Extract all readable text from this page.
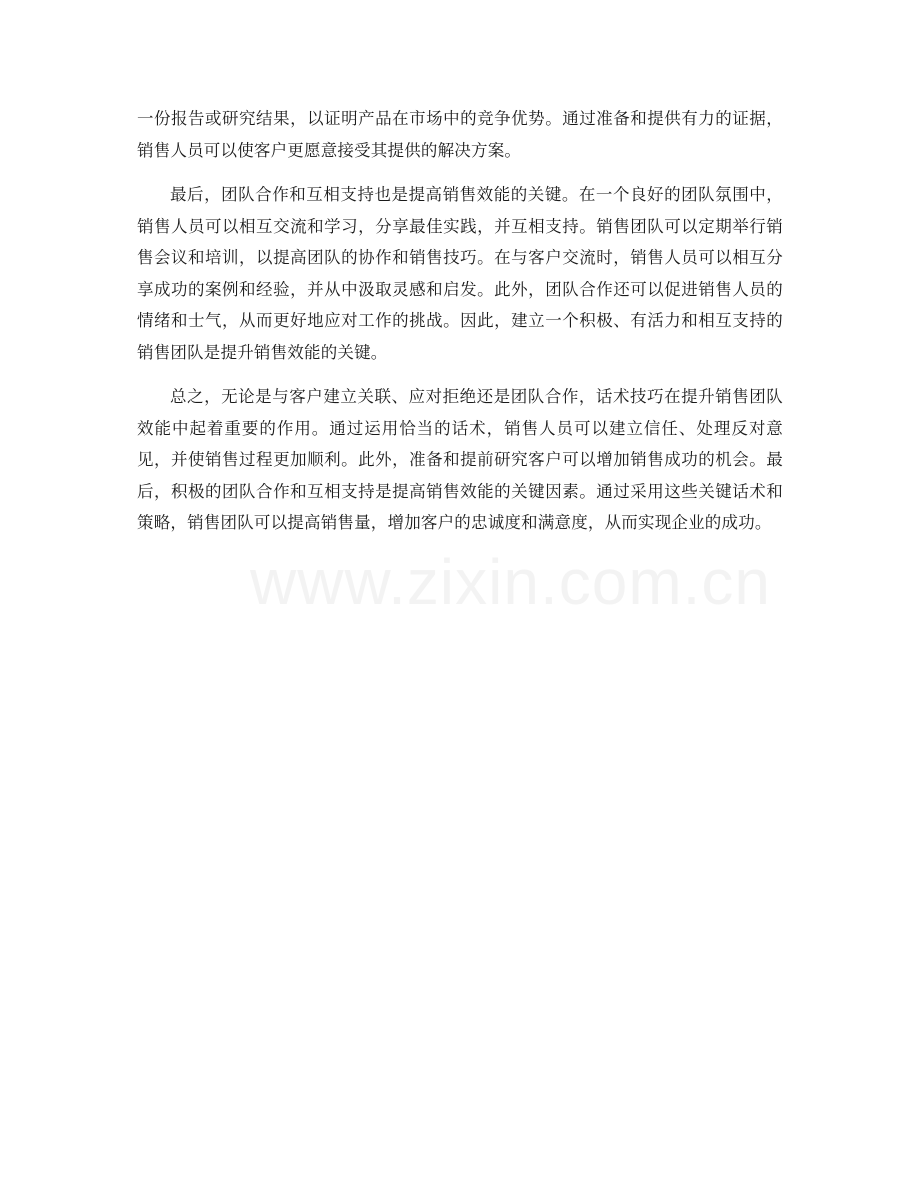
一份报告或研究结果，以证明产品在市场中的竞争优势。通过准备和提供有力的证据，销售人员可以使客户更愿意接受其提供的解决方案。

最后，团队合作和互相支持也是提高销售效能的关键。在一个良好的团队氛围中，销售人员可以相互交流和学习，分享最佳实践，并互相支持。销售团队可以定期举行销售会议和培训，以提高团队的协作和销售技巧。在与客户交流时，销售人员可以相互分享成功的案例和经验，并从中汲取灵感和启发。此外，团队合作还可以促进销售人员的情绪和士气，从而更好地应对工作的挑战。因此，建立一个积极、有活力和相互支持的销售团队是提升销售效能的关键。

总之，无论是与客户建立关联、应对拒绝还是团队合作，话术技巧在提升销售团队效能中起着重要的作用。通过运用恰当的话术，销售人员可以建立信任、处理反对意见，并使销售过程更加顺利。此外，准备和提前研究客户可以增加销售成功的机会。最后，积极的团队合作和互相支持是提高销售效能的关键因素。通过采用这些关键话术和策略，销售团队可以提高销售量，增加客户的忠诚度和满意度，从而实现企业的成功。

www.zixin.com.cn
